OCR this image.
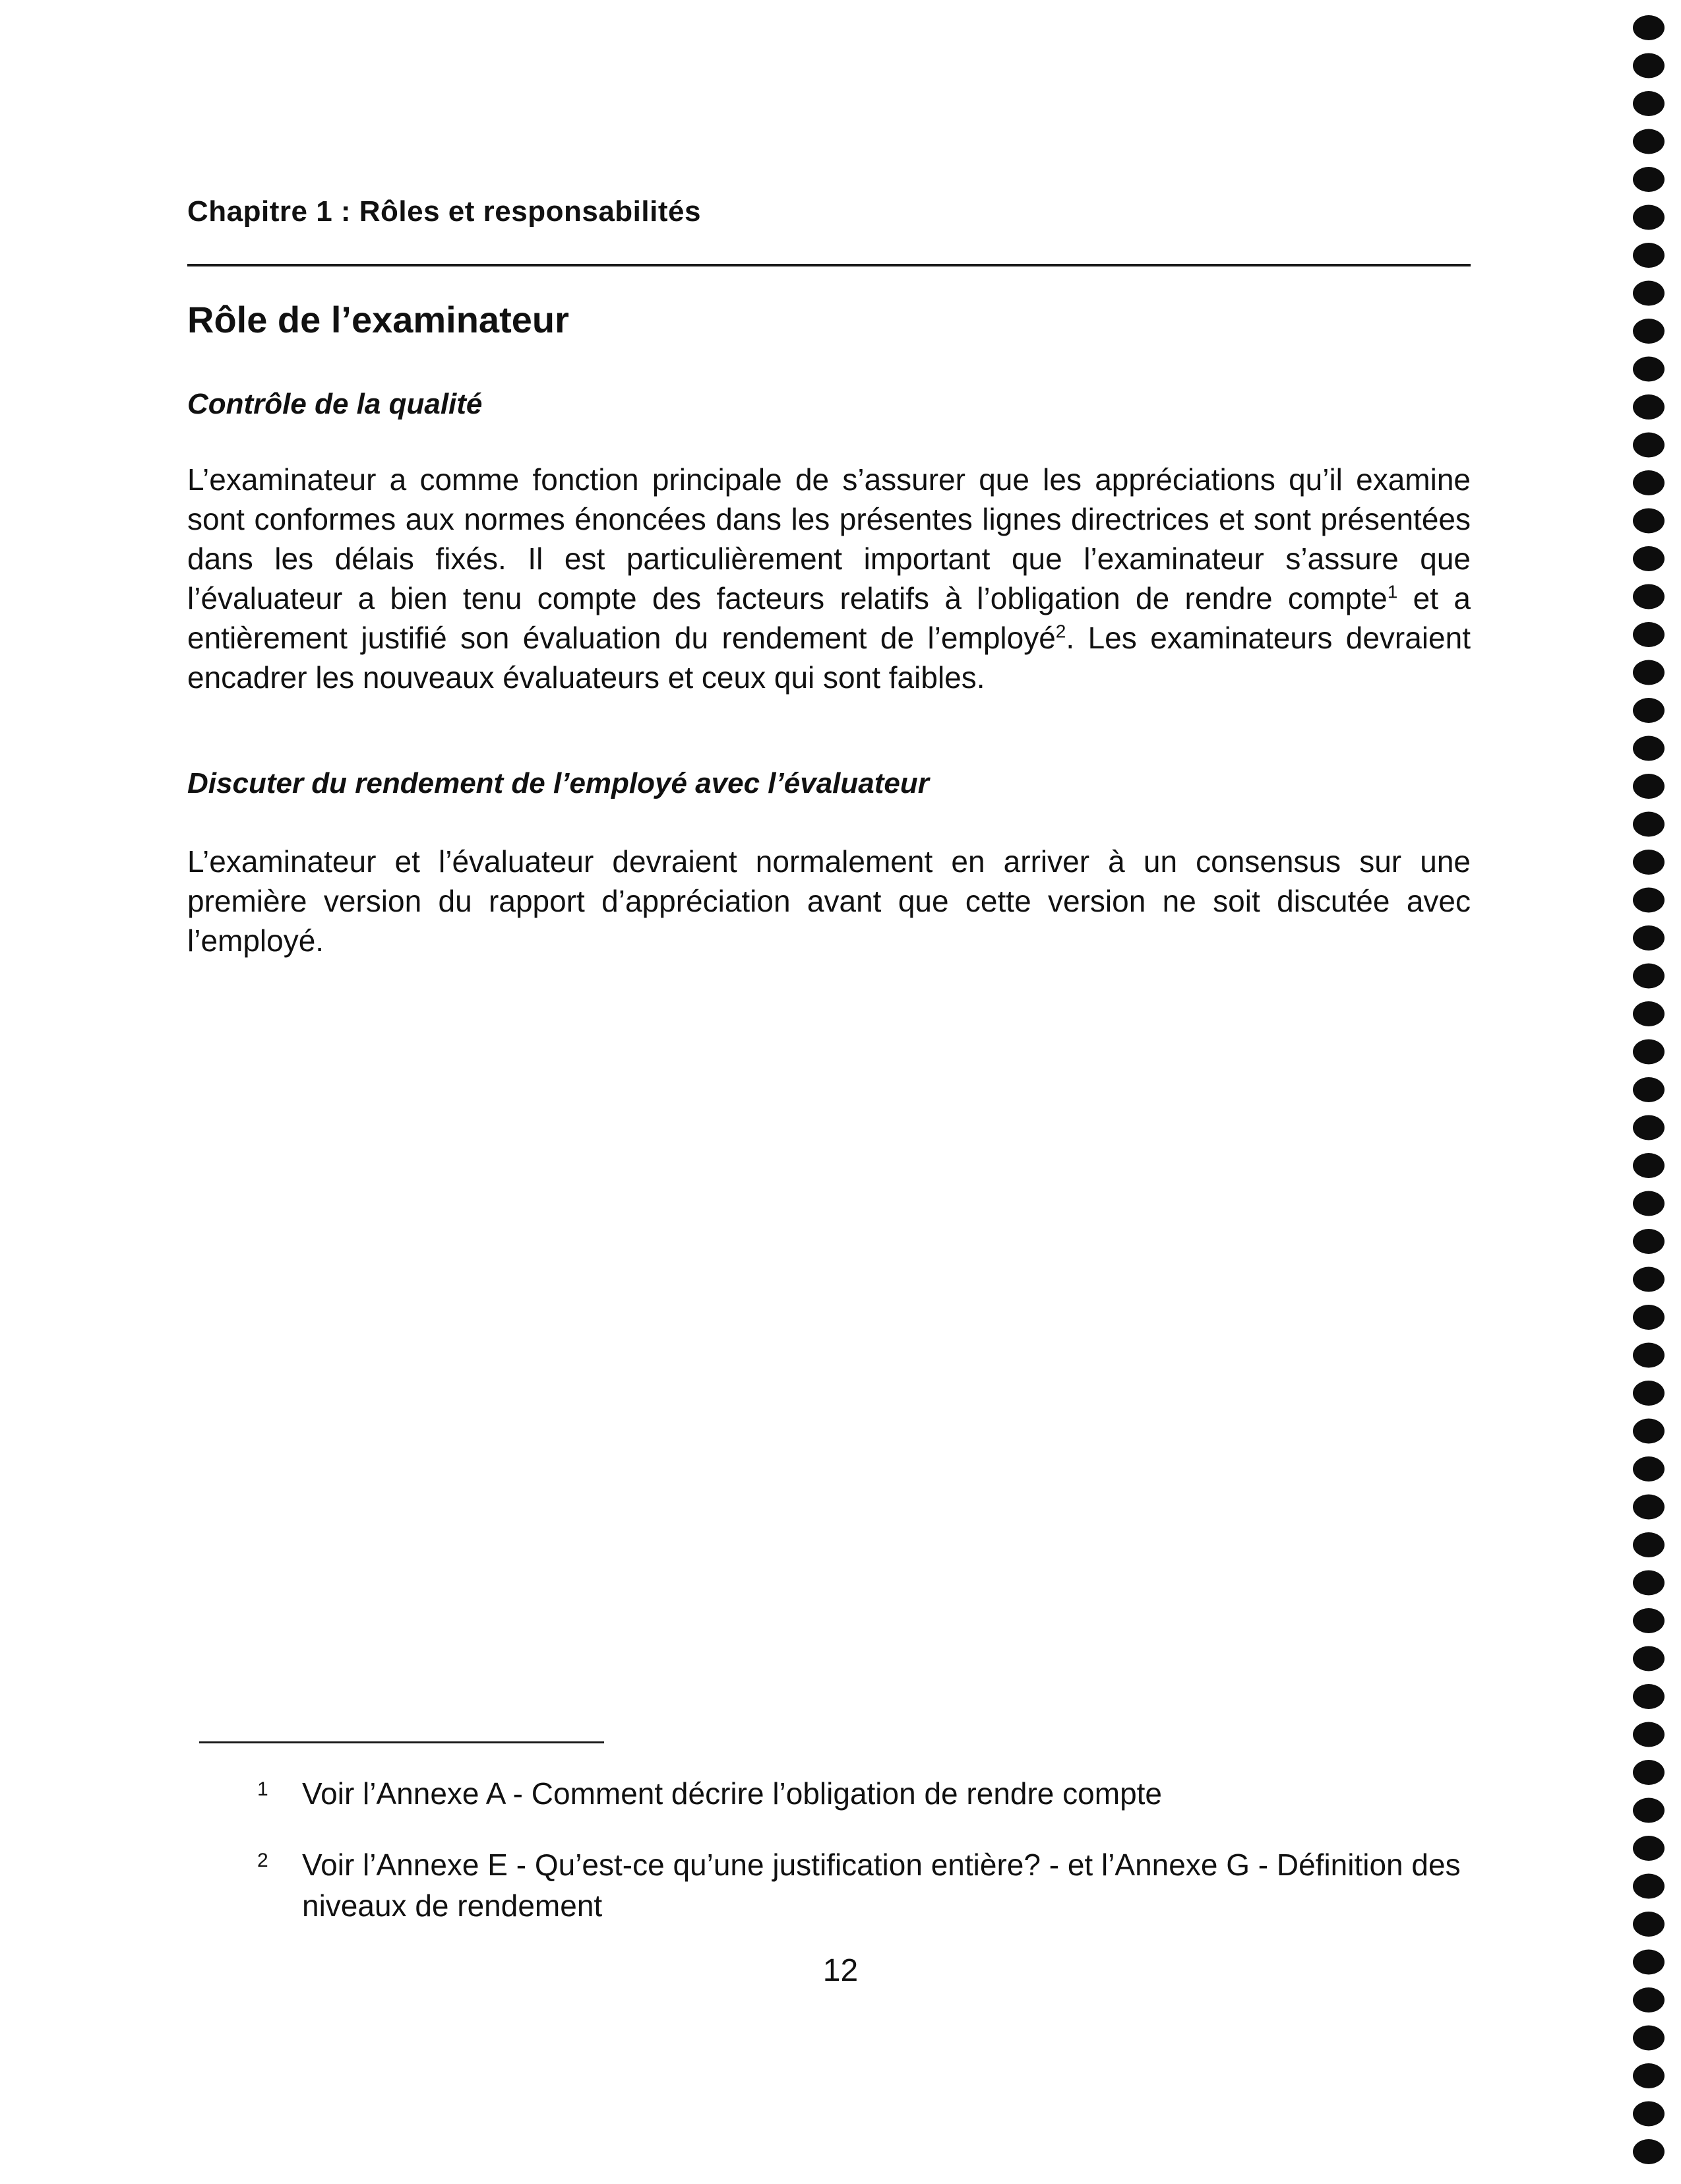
Chapitre 1 : Rôles et responsabilités
Rôle de l’examinateur
Contrôle de la qualité

L’examinateur a comme fonction principale de s’assurer que les appréciations qu’il examine sont conformes aux normes énoncées dans les présentes lignes directrices et sont présentées dans les délais fixés. Il est particulièrement important que l’examinateur s’assure que l’évaluateur a bien tenu compte des facteurs relatifs à l’obligation de rendre compte$^1$ et a entièrement justifié son évaluation du rendement de l’employé$^2$. Les examinateurs devraient encadrer les nouveaux évaluateurs et ceux qui sont faibles.

Discuter du rendement de l’employé avec l’évaluateur

L’examinateur et l’évaluateur devraient normalement en arriver à un consensus sur une première version du rapport d’appréciation avant que cette version ne soit discutée avec l’employé.

1 Voir l’Annexe A - Comment décrire l’obligation de rendre compte
2 Voir l’Annexe E - Qu’est-ce qu’une justification entière? - et l’Annexe G - Définition des niveaux de rendement
12
